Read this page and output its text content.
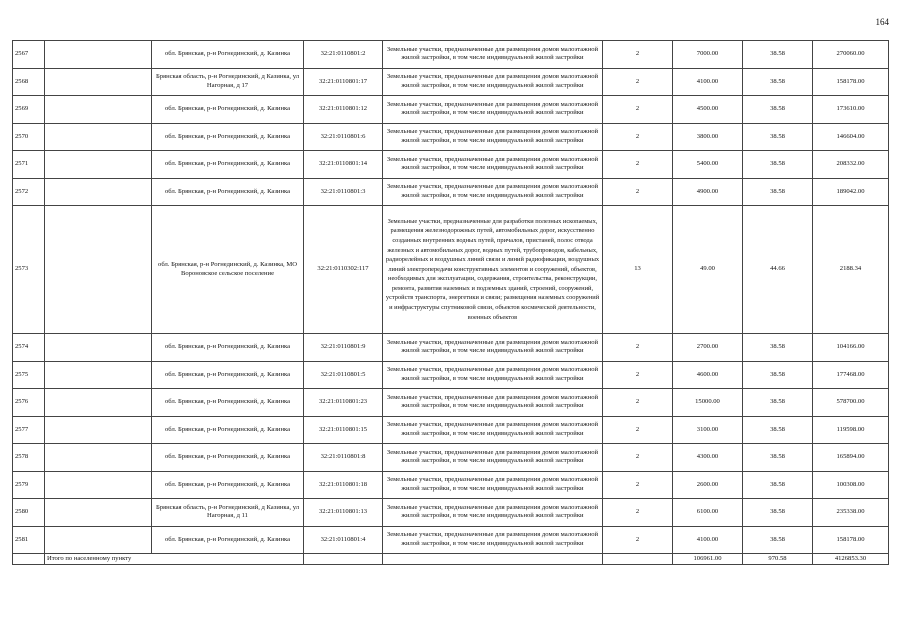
164
2567		обл. Брянская, р-н Рогнединский, д. Казинка	32:21:0110801:2	Земельные участки, предназначенные для размещения домов малоэтажной жилой застройки, в том числе индивидуальной жилой застройки	2	7000.00	38.58	270060.00
2568		Брянская область, р-н Рогнединский, д Казинка, ул Нагорная, д 17	32:21:0110801:17	Земельные участки, предназначенные для размещения домов малоэтажной жилой застройки, в том числе индивидуальной жилой застройки	2	4100.00	38.58	158178.00
2569		обл. Брянская, р-н Рогнединский, д. Казинка	32:21:0110801:12	Земельные участки, предназначенные для размещения домов малоэтажной жилой застройки, в том числе индивидуальной жилой застройки	2	4500.00	38.58	173610.00
2570		обл. Брянская, р-н Рогнединский, д. Казинка	32:21:0110801:6	Земельные участки, предназначенные для размещения домов малоэтажной жилой застройки, в том числе индивидуальной жилой застройки	2	3800.00	38.58	146604.00
2571		обл. Брянская, р-н Рогнединский, д. Казинка	32:21:0110801:14	Земельные участки, предназначенные для размещения домов малоэтажной жилой застройки, в том числе индивидуальной жилой застройки	2	5400.00	38.58	208332.00
2572		обл. Брянская, р-н Рогнединский, д. Казинка	32:21:0110801:3	Земельные участки, предназначенные для размещения домов малоэтажной жилой застройки, в том числе индивидуальной жилой застройки	2	4900.00	38.58	189042.00
2573		обл. Брянская, р-н Рогнединский, д. Казинка, МО Вороновское сельское поселение	32:21:0110302:117	Земельные участки, предназначенные для разработки полезных ископаемых, размещения железнодорожных путей, автомобильных дорог, искусственно созданных внутренних водных путей, причалов, пристаней, полос отвода железных и автомобильных дорог, водных путей, трубопроводов, кабельных, радиорелейных и воздушных линий связи и линий радиофикации, воздушных линий электропередачи конструктивных элементов и сооружений, объектов, необходимых для эксплуатации, содержания, строительства, реконструкции, ремонта, развития наземных и подземных зданий, строений, сооружений, устройств транспорта, энергетики и связи; размещения наземных сооружений и инфраструктуры спутниковой связи, объектов космической деятельности, военных объектов	13	49.00	44.66	2188.34
2574		обл. Брянская, р-н Рогнединский, д. Казинка	32:21:0110801:9	Земельные участки, предназначенные для размещения домов малоэтажной жилой застройки, в том числе индивидуальной жилой застройки	2	2700.00	38.58	104166.00
2575		обл. Брянская, р-н Рогнединский, д. Казинка	32:21:0110801:5	Земельные участки, предназначенные для размещения домов малоэтажной жилой застройки, в том числе индивидуальной жилой застройки	2	4600.00	38.58	177468.00
2576		обл. Брянская, р-н Рогнединский, д. Казинка	32:21:0110801:23	Земельные участки, предназначенные для размещения домов малоэтажной жилой застройки, в том числе индивидуальной жилой застройки	2	15000.00	38.58	578700.00
2577		обл. Брянская, р-н Рогнединский, д. Казинка	32:21:0110801:15	Земельные участки, предназначенные для размещения домов малоэтажной жилой застройки, в том числе индивидуальной жилой застройки	2	3100.00	38.58	119598.00
2578		обл. Брянская, р-н Рогнединский, д. Казинка	32:21:0110801:8	Земельные участки, предназначенные для размещения домов малоэтажной жилой застройки, в том числе индивидуальной жилой застройки	2	4300.00	38.58	165894.00
2579		обл. Брянская, р-н Рогнединский, д. Казинка	32:21:0110801:18	Земельные участки, предназначенные для размещения домов малоэтажной жилой застройки, в том числе индивидуальной жилой застройки	2	2600.00	38.58	100308.00
2580		Брянская область, р-н Рогнединский, д Казинка, ул Нагорная, д 11	32:21:0110801:13	Земельные участки, предназначенные для размещения домов малоэтажной жилой застройки, в том числе индивидуальной жилой застройки	2	6100.00	38.58	235338.00
2581		обл. Брянская, р-н Рогнединский, д. Казинка	32:21:0110801:4	Земельные участки, предназначенные для размещения домов малоэтажной жилой застройки, в том числе индивидуальной жилой застройки	2	4100.00	38.58	158178.00
	Итого по населенному пункту					106961.00	970.58	4126853.30
